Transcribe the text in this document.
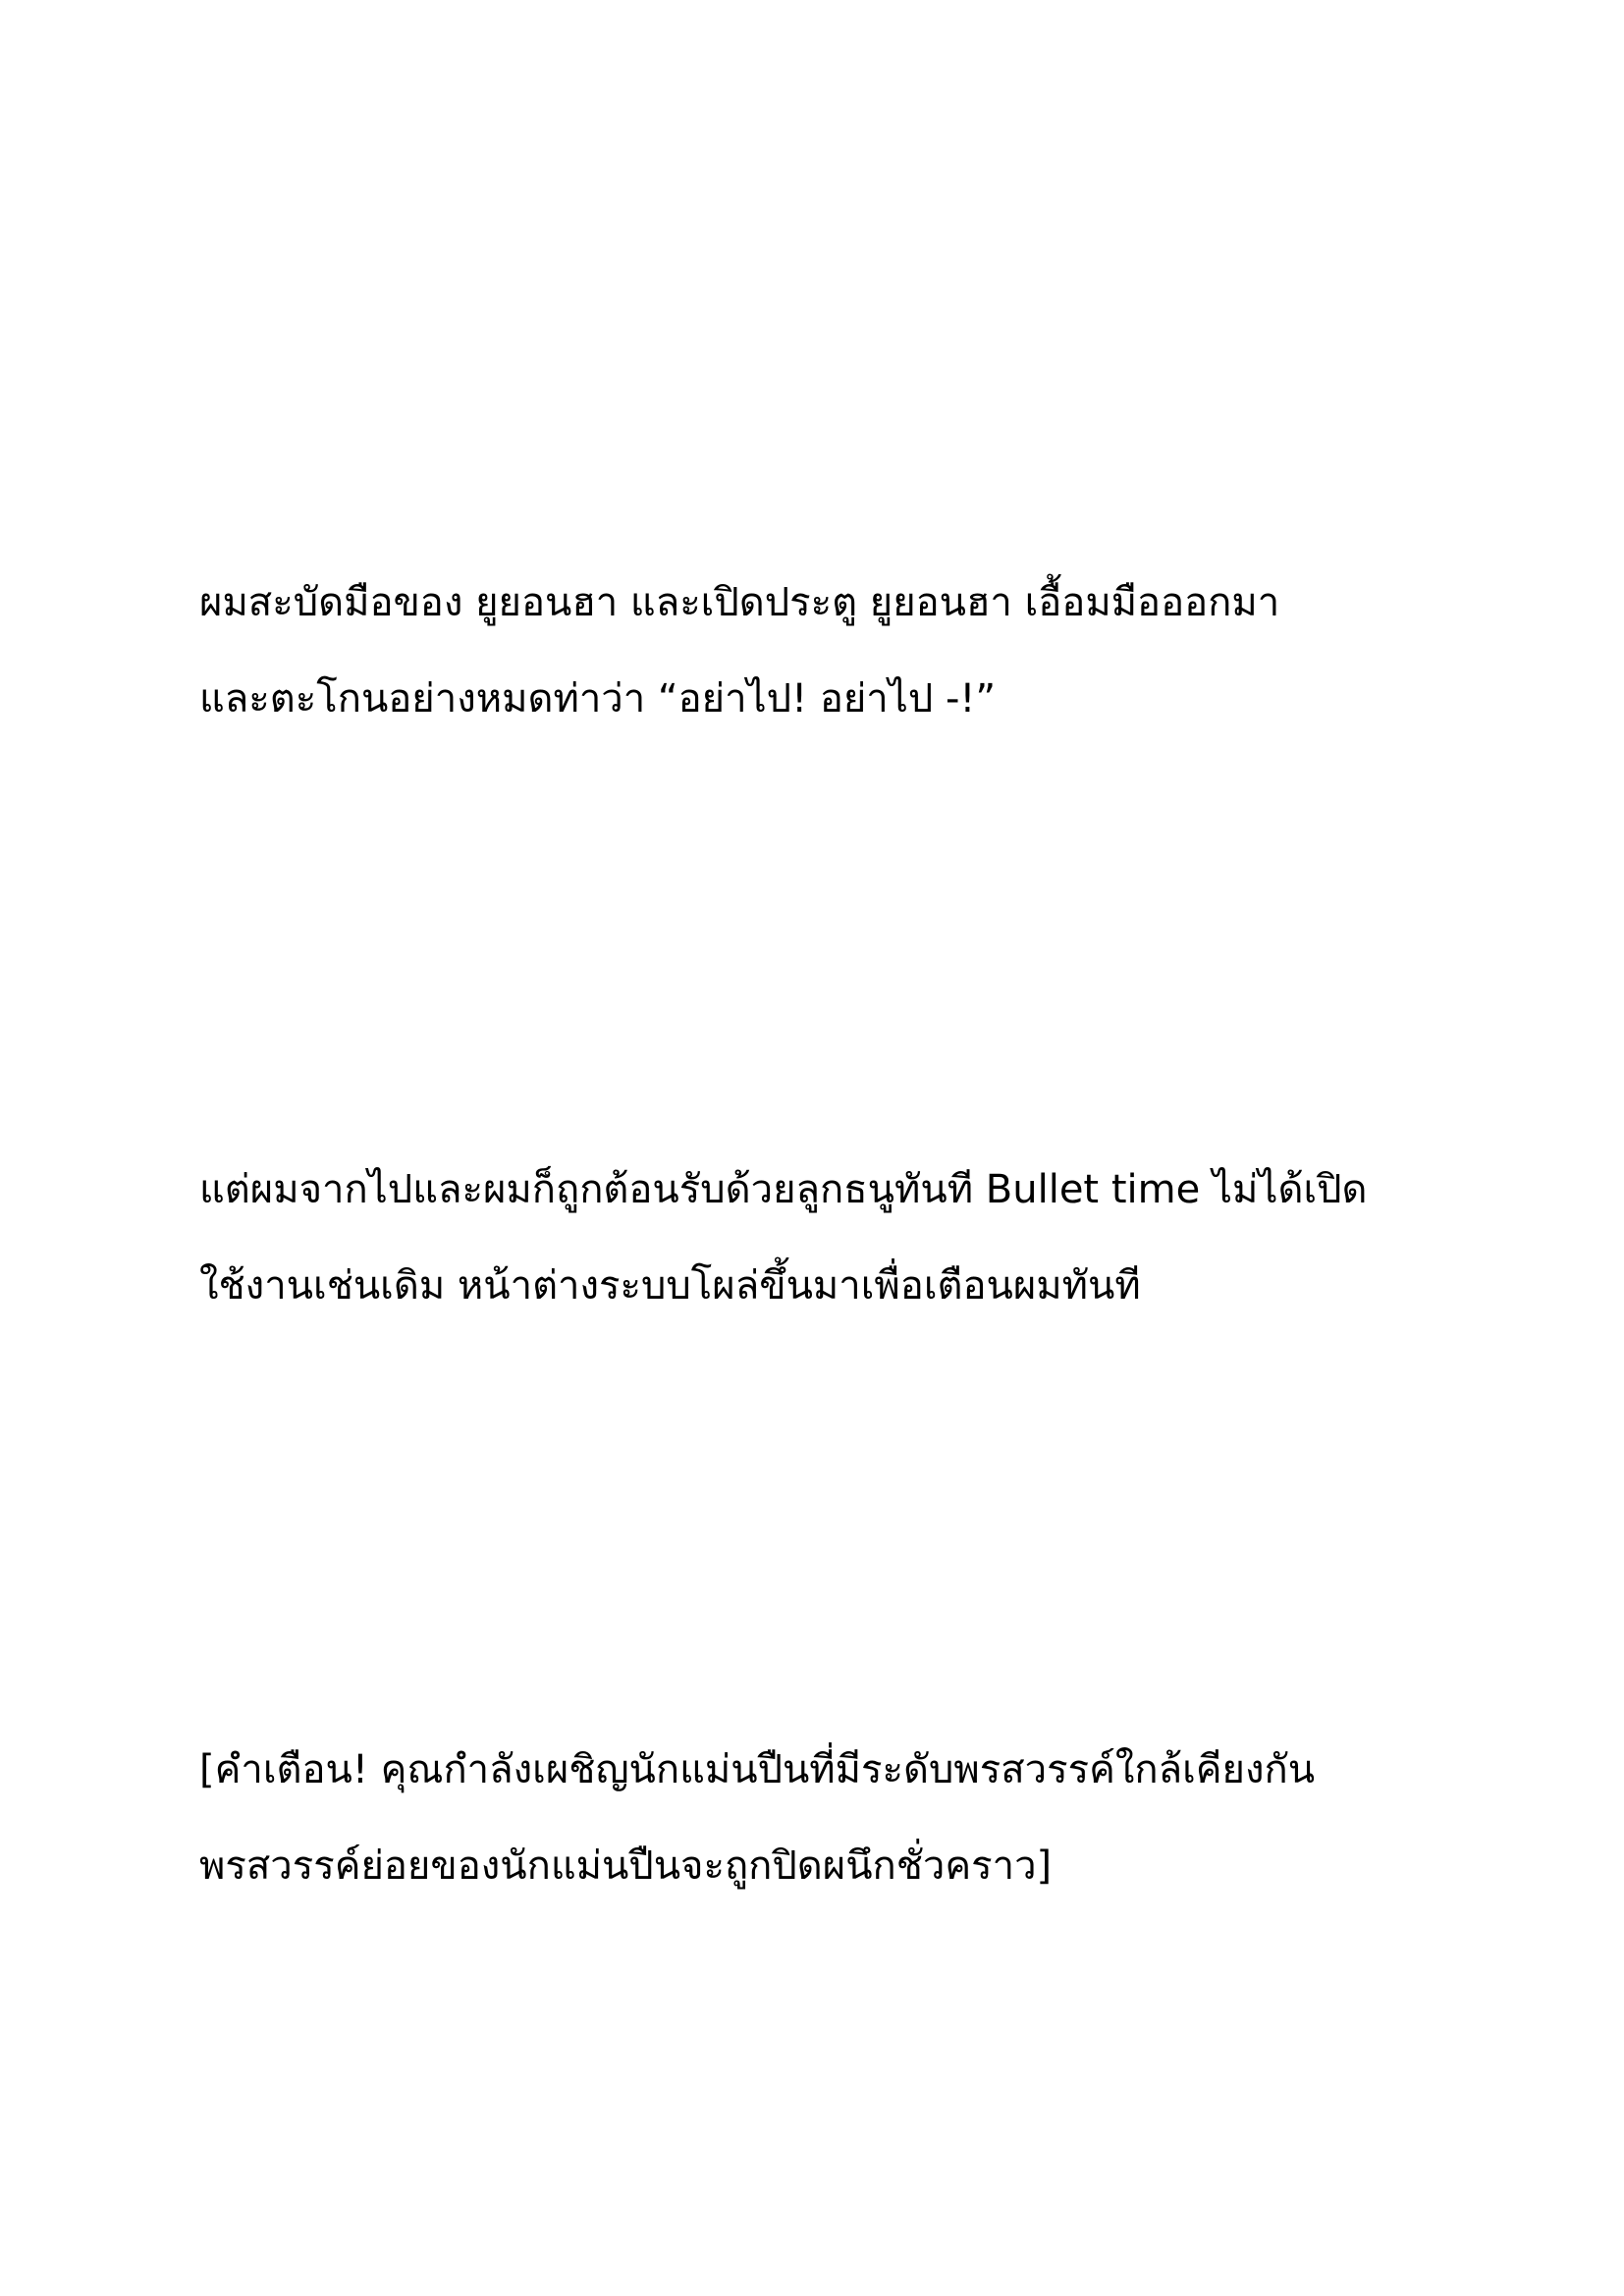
ผมสะบัดมือของ ยูยอนฮา และเปิดประตู ยูยอนฮา เอื้อมมือออกมา
และตะโกนอย่างหมดท่าว่า “อย่าไป! อย่าไป -!”

แต่ผมจากไปและผมก็ถูกต้อนรับด้วยลูกธนูทันที Bullet time ไม่ได้เปิด
ใช้งานเช่นเดิม หน้าต่างระบบโผล่ขึ้นมาเพื่อเตือนผมทันที

[คำเตือน! คุณกำลังเผชิญนักแม่นปืนที่มีระดับพรสวรรค์ใกล้เคียงกัน
พรสวรรค์ย่อยของนักแม่นปืนจะถูกปิดผนึกชั่วคราว]
